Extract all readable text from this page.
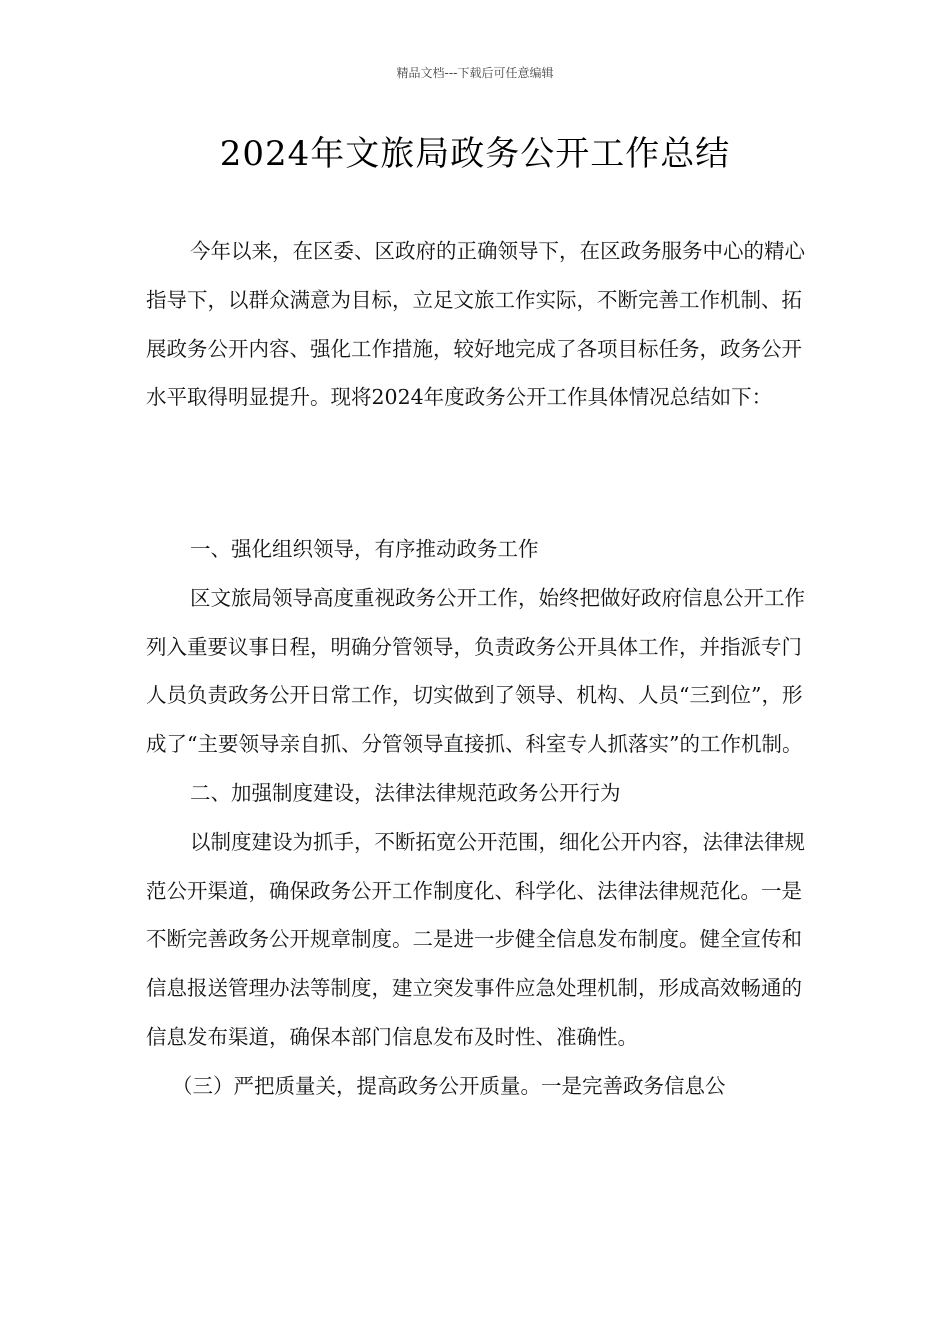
精品文档---下载后可任意编辑
2024年文旅局政务公开工作总结

今年以来，在区委、区政府的正确领导下，在区政务服务中心的精心指导下，以群众满意为目标，立足文旅工作实际，不断完善工作机制、拓展政务公开内容、强化工作措施，较好地完成了各项目标任务，政务公开水平取得明显提升。现将2024年度政务公开工作具体情况总结如下：

一、强化组织领导，有序推动政务工作

区文旅局领导高度重视政务公开工作，始终把做好政府信息公开工作列入重要议事日程，明确分管领导，负责政务公开具体工作，并指派专门人员负责政务公开日常工作，切实做到了领导、机构、人员“三到位”，形成了“主要领导亲自抓、分管领导直接抓、科室专人抓落实”的工作机制。

二、加强制度建设，法律法律规范政务公开行为

以制度建设为抓手，不断拓宽公开范围，细化公开内容，法律法律规范公开渠道，确保政务公开工作制度化、科学化、法律法律规范化。一是不断完善政务公开规章制度。二是进一步健全信息发布制度。健全宣传和信息报送管理办法等制度，建立突发事件应急处理机制，形成高效畅通的信息发布渠道，确保本部门信息发布及时性、准确性。

（三）严把质量关，提高政务公开质量。一是完善政务信息公
